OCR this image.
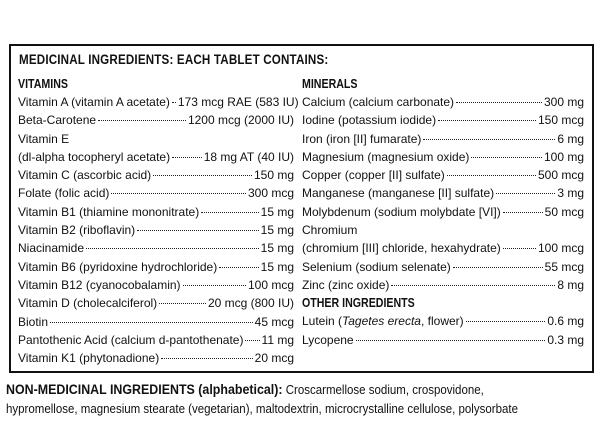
MEDICINAL INGREDIENTS: EACH TABLET CONTAINS:
VITAMINS
Vitamin A (vitamin A acetate) 173 mcg RAE (583 IU)
Beta-Carotene	1200 mcg (2000 IU)
Vitamin E
(dl-alpha tocopheryl acetate)	18 mg AT (40 IU)
Vitamin C (ascorbic acid)	150 mg
Folate (folic acid)	300 mcg
Vitamin B1 (thiamine mononitrate)	15 mg
Vitamin B2 (riboflavin)	15 mg
Niacinamide	15 mg
Vitamin B6 (pyridoxine hydrochloride)	15 mg
Vitamin B12 (cyanocobalamin)	100 mcg
Vitamin D (cholecalciferol)	20 mcg (800 IU)
Biotin	45 mcg
Pantothenic Acid (calcium d-pantothenate) 11 mg
Vitamin K1 (phytonadione)	20 mcg
MINERALS
Calcium (calcium carbonate)	300 mg
Iodine (potassium iodide)	150 mcg
Iron (iron [II] fumarate)	6 mg
Magnesium (magnesium oxide)	100 mg
Copper (copper [II] sulfate)	500 mcg
Manganese (manganese [II] sulfate)	3 mg
Molybdenum (sodium molybdate [VI])	50 mcg
Chromium
(chromium [III] chloride, hexahydrate)	100 mcg
Selenium (sodium selenate)	55 mcg
Zinc (zinc oxide)	8 mg
OTHER INGREDIENTS
Lutein (Tagetes erecta, flower)	0.6 mg
Lycopene	0.3 mg
NON-MEDICINAL INGREDIENTS (alphabetical): Croscarmellose sodium, crospovidone,
hypromellose, magnesium stearate (vegetarian), maltodextrin, microcrystalline cellulose, polysorbate
